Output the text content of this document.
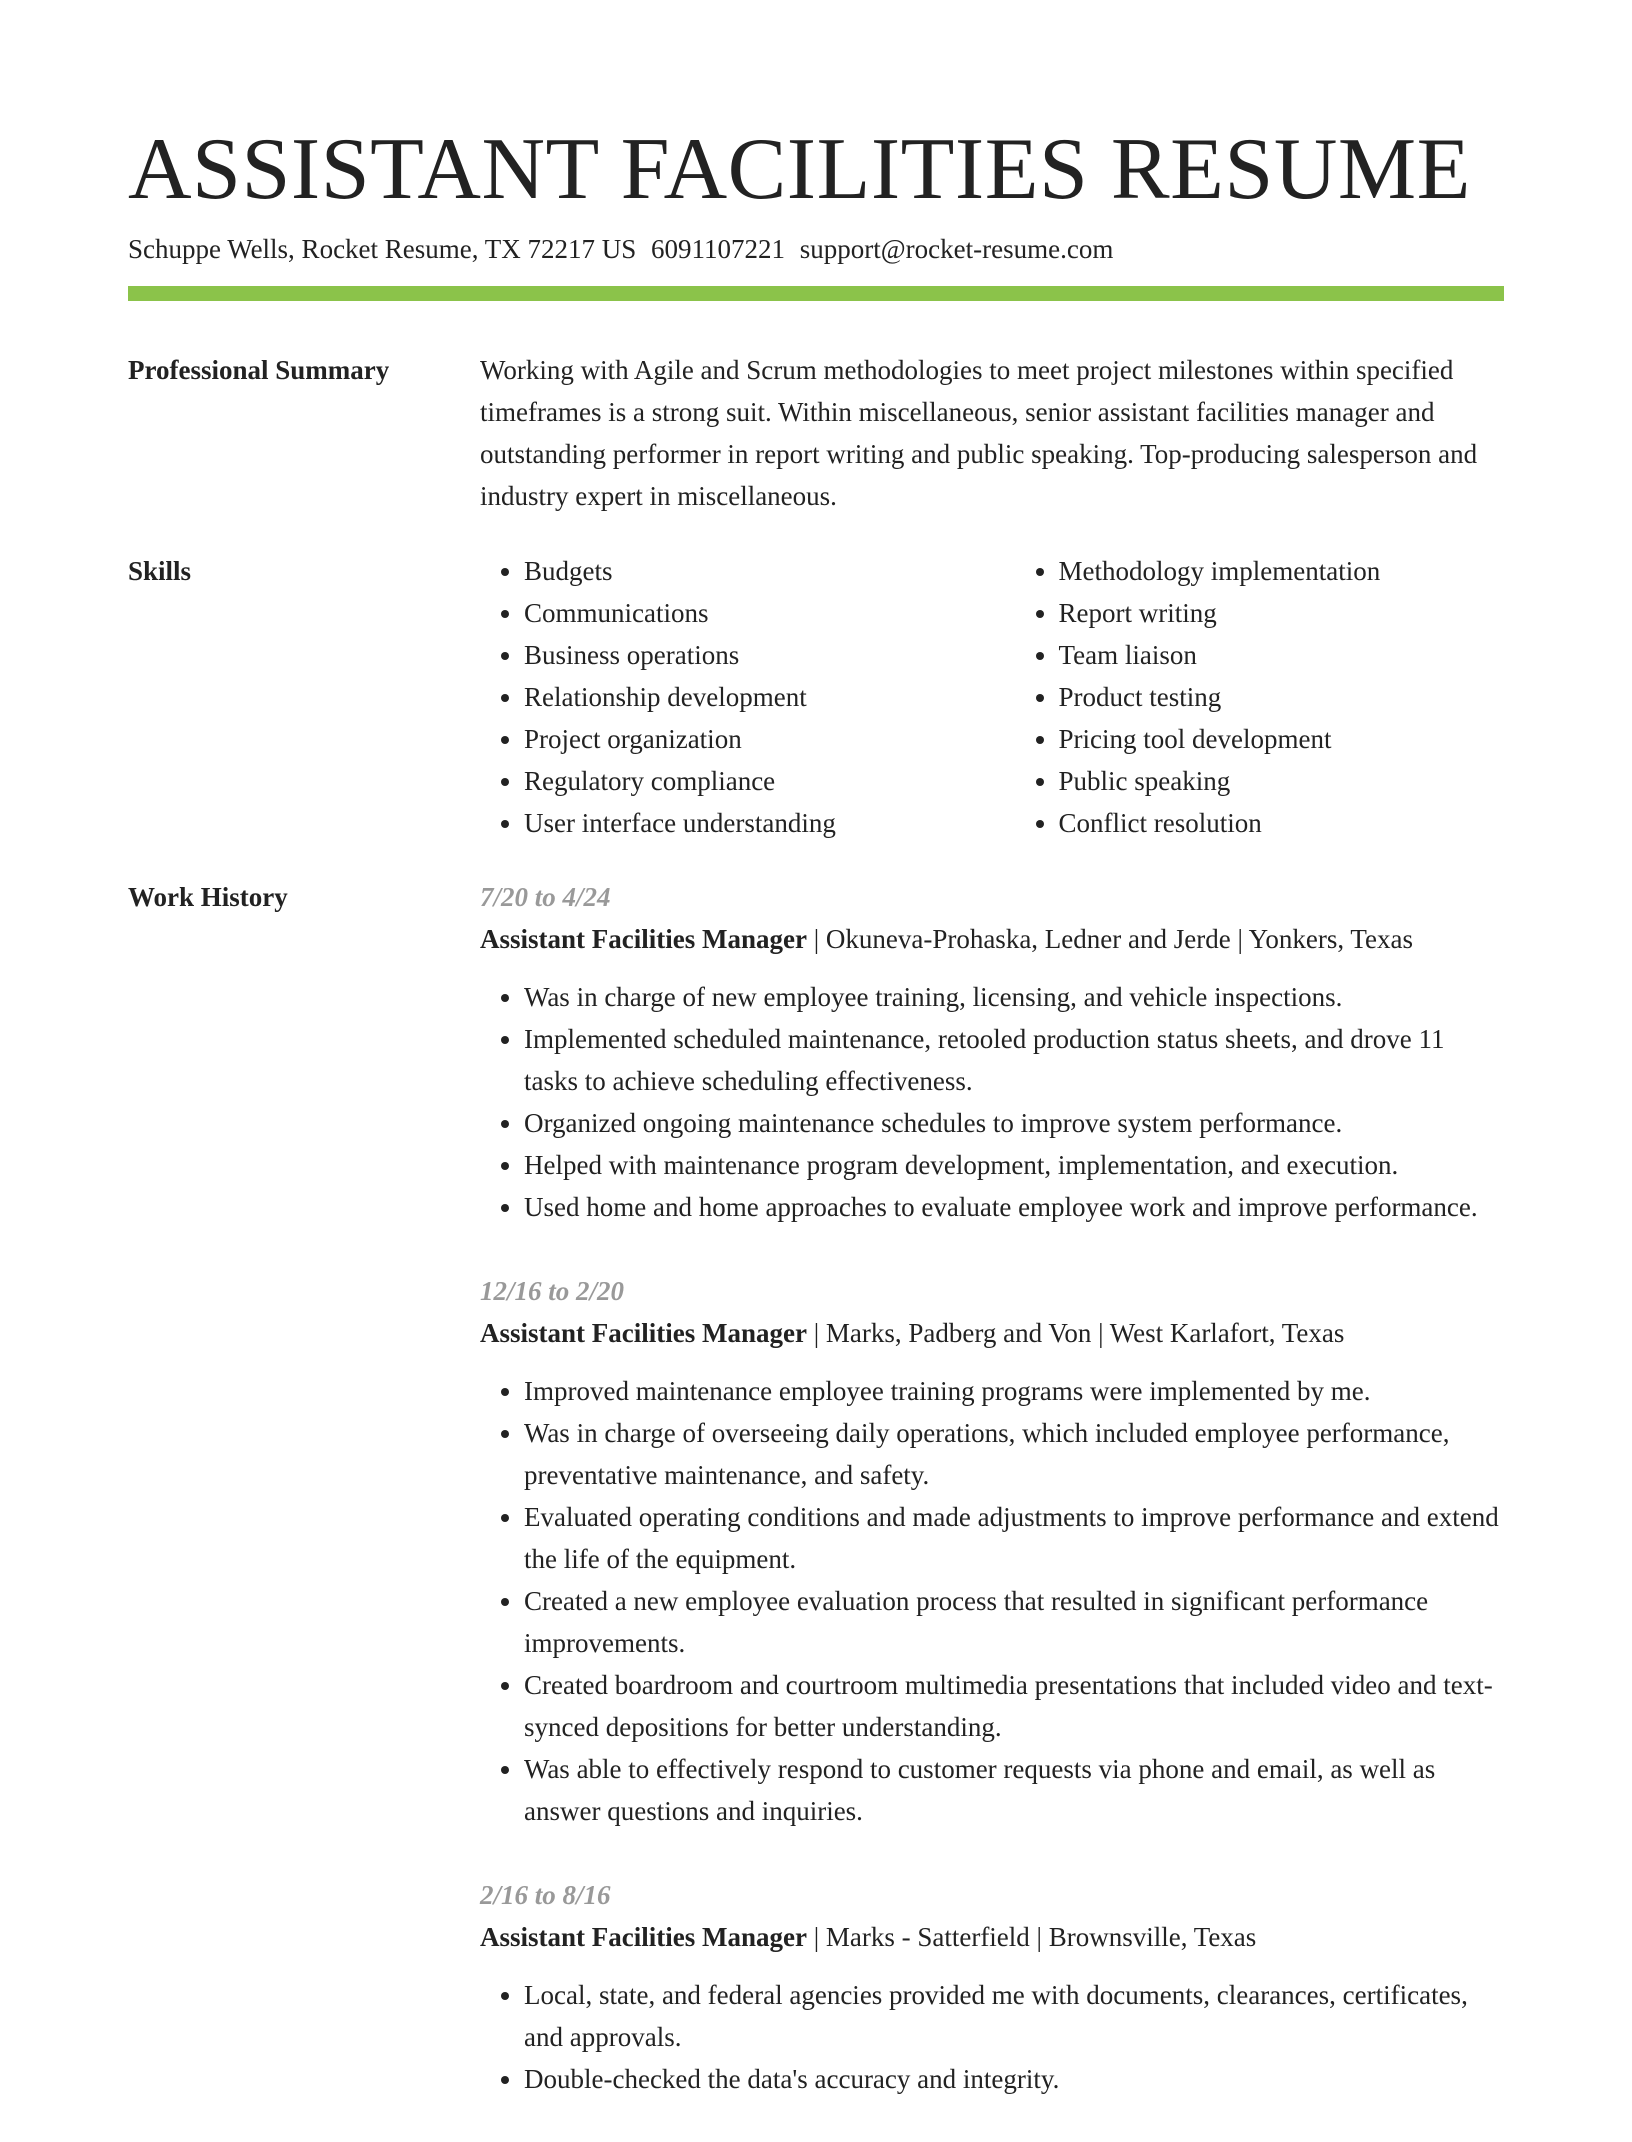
ASSISTANT FACILITIES RESUME
Schuppe Wells, Rocket Resume, TX 72217 US 6091107221 support@rocket-resume.com
Professional Summary	Working with Agile and Scrum methodologies to meet project milestones within specified timeframes is a strong suit. Within miscellaneous, senior assistant facilities manager and outstanding performer in report writing and public speaking. Top-producing salesperson and industry expert in miscellaneous.

Skills
•	Budgets
• Communications
• Business operations
• Relationship development
• Project organization
• Regulatory compliance
• User interface understanding
• Methodology implementation
• Report writing
• Team liaison
• Product testing
• Pricing tool development
• Public speaking
• Conflict resolution
Work History	7/20 to 4/24
Assistant Facilities Manager | Okuneva-Prohaska, Ledner and Jerde | Yonkers, Texas
• Was in charge of new employee training, licensing, and vehicle inspections.
• Implemented scheduled maintenance, retooled production status sheets, and drove 11 tasks to achieve scheduling effectiveness.
• Organized ongoing maintenance schedules to improve system performance.
• Helped with maintenance program development, implementation, and execution.
• Used home and home approaches to evaluate employee work and improve performance.
12/16 to 2/20
Assistant Facilities Manager | Marks, Padberg and Von | West Karlafort, Texas
• Improved maintenance employee training programs were implemented by me.
• Was in charge of overseeing daily operations, which included employee performance, preventative maintenance, and safety.
• Evaluated operating conditions and made adjustments to improve performance and extend the life of the equipment.
• Created a new employee evaluation process that resulted in significant performance improvements.
• Created boardroom and courtroom multimedia presentations that included video and text-synced depositions for better understanding.
• Was able to effectively respond to customer requests via phone and email, as well as answer questions and inquiries.
2/16 to 8/16
Assistant Facilities Manager | Marks - Satterfield | Brownsville, Texas
• Local, state, and federal agencies provided me with documents, clearances, certificates, and approvals.
• Double-checked the data's accuracy and integrity.
